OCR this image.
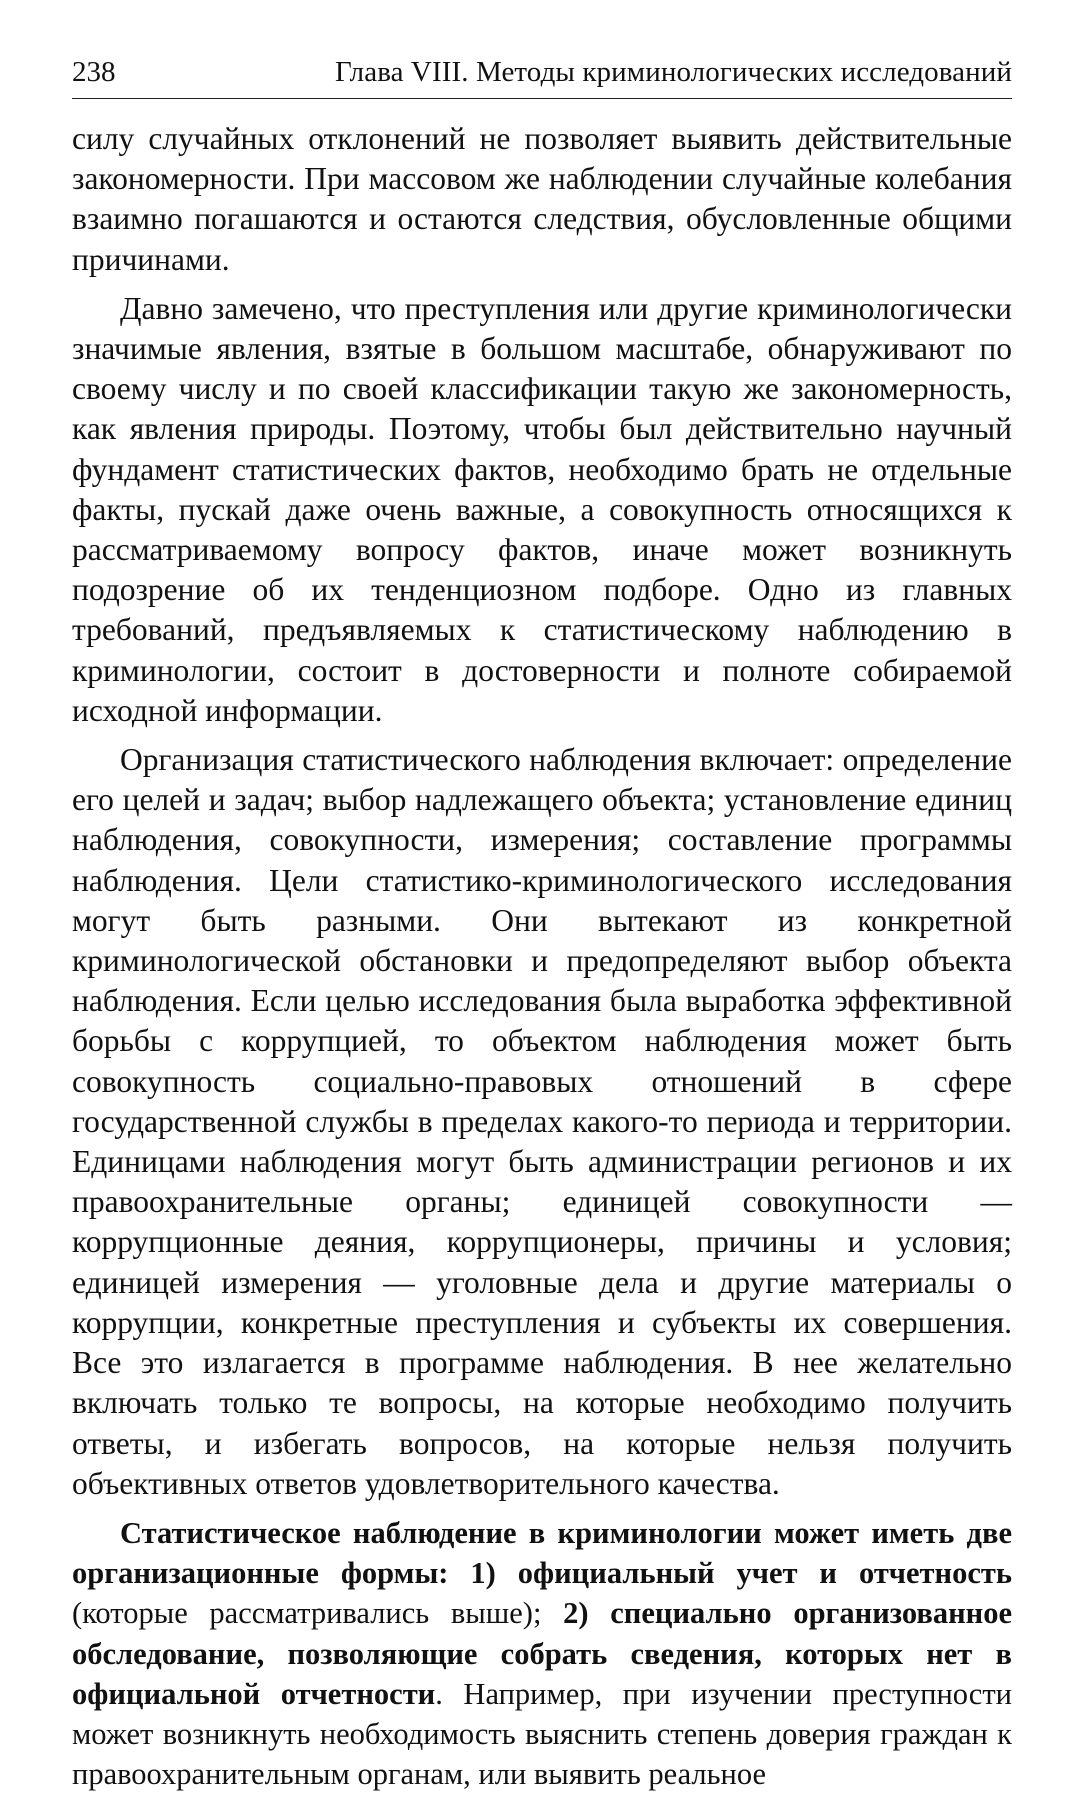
238	Глава VIII. Методы криминологических исследований

силу случайных отклонений не позволяет выявить действительные закономерности. При массовом же наблюдении случайные колебания взаимно погашаются и остаются следствия, обусловленные общими причинами.

Давно замечено, что преступления или другие криминологически значимые явления, взятые в большом масштабе, обнаруживают по своему числу и по своей классификации такую же закономерность, как явления природы. Поэтому, чтобы был действительно научный фундамент статистических фактов, необходимо брать не отдельные факты, пускай даже очень важные, а совокупность относящихся к рассматриваемому вопросу фактов, иначе может возникнуть подозрение об их тенденциозном подборе. Одно из главных требований, предъявляемых к статистическому наблюдению в криминологии, состоит в достоверности и полноте собираемой исходной информации.

Организация статистического наблюдения включает: определение его целей и задач; выбор надлежащего объекта; установление единиц наблюдения, совокупности, измерения; составление программы наблюдения. Цели статистико-криминологического исследования могут быть разными. Они вытекают из конкретной криминологической обстановки и предопределяют выбор объекта наблюдения. Если целью исследования была выработка эффективной борьбы с коррупцией, то объектом наблюдения может быть совокупность социально-правовых отношений в сфере государственной службы в пределах какого-то периода и территории. Единицами наблюдения могут быть администрации регионов и их правоохранительные органы; единицей совокупности — коррупционные деяния, коррупционеры, причины и условия; единицей измерения — уголовные дела и другие материалы о коррупции, конкретные преступления и субъекты их совершения. Все это излагается в программе наблюдения. В нее желательно включать только те вопросы, на которые необходимо получить ответы, и избегать вопросов, на которые нельзя получить объективных ответов удовлетворительного качества.

Статистическое наблюдение в криминологии может иметь две организационные формы: 1) официальный учет и отчетность (которые рассматривались выше); 2) специально организованное обследование, позволяющие собрать сведения, которых нет в официальной отчетности. Например, при изучении преступности может возникнуть необходимость выяснить степень доверия граждан к правоохранительным органам, или выявить реальное
